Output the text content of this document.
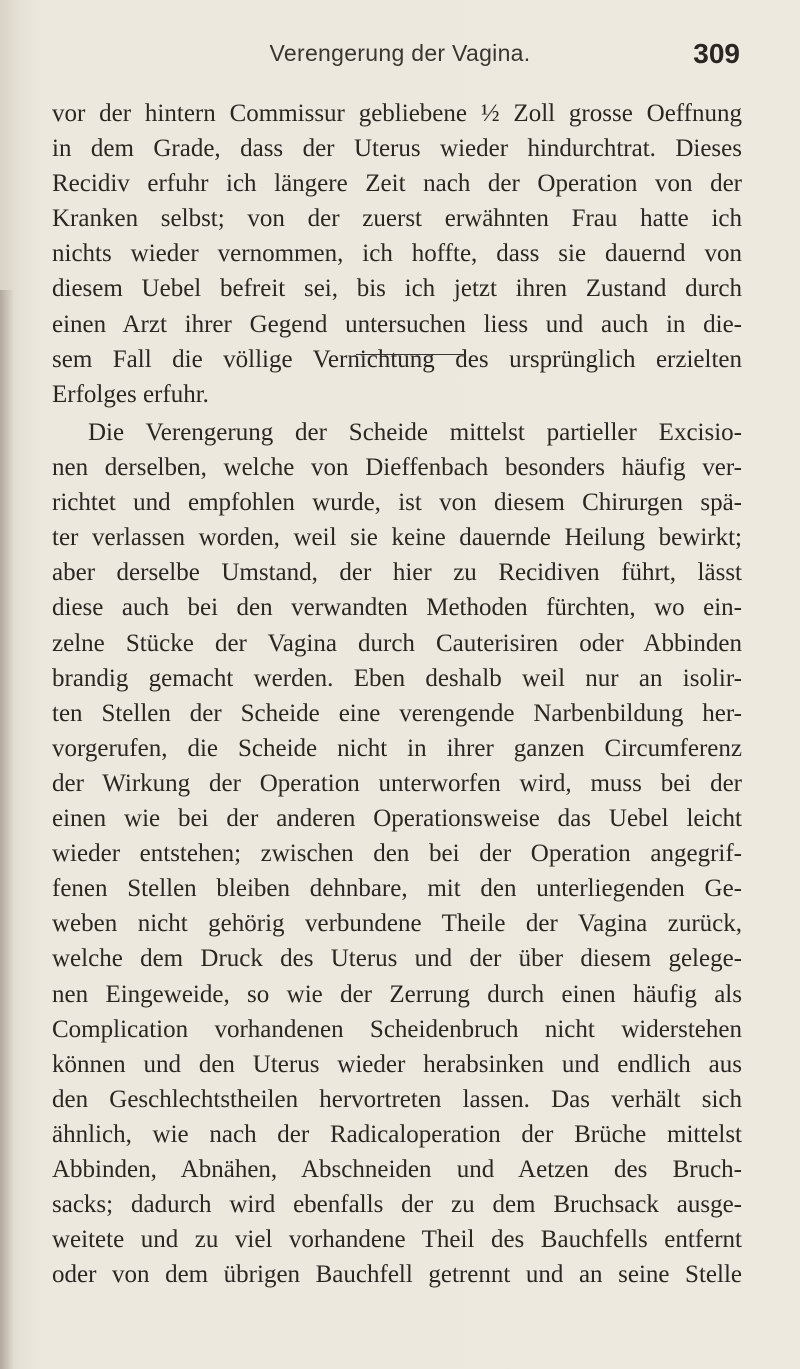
Verengerung der Vagina.	309
vor der hintern Commissur gebliebene ½ Zoll grosse Oeffnung
in dem Grade, dass der Uterus wieder hindurchtrat. Dieses
Recidiv erfuhr ich längere Zeit nach der Operation von der
Kranken selbst; von der zuerst erwähnten Frau hatte ich
nichts wieder vernommen, ich hoffte, dass sie dauernd von
diesem Uebel befreit sei, bis ich jetzt ihren Zustand durch
einen Arzt ihrer Gegend untersuchen liess und auch in die-
sem Fall die völlige Vernichtung des ursprünglich erzielten
Erfolges erfuhr.
Die Verengerung der Scheide mittelst partieller Excisio-
nen derselben, welche von Dieffenbach besonders häufig ver-
richtet und empfohlen wurde, ist von diesem Chirurgen spä-
ter verlassen worden, weil sie keine dauernde Heilung bewirkt;
aber derselbe Umstand, der hier zu Recidiven führt, lässt
diese auch bei den verwandten Methoden fürchten, wo ein-
zelne Stücke der Vagina durch Cauterisiren oder Abbinden
brandig gemacht werden. Eben deshalb weil nur an isolir-
ten Stellen der Scheide eine verengende Narbenbildung her-
vorgerufen, die Scheide nicht in ihrer ganzen Circumferenz
der Wirkung der Operation unterworfen wird, muss bei der
einen wie bei der anderen Operationsweise das Uebel leicht
wieder entstehen; zwischen den bei der Operation angegrif-
fenen Stellen bleiben dehnbare, mit den unterliegenden Ge-
weben nicht gehörig verbundene Theile der Vagina zurück,
welche dem Druck des Uterus und der über diesem gelege-
nen Eingeweide, so wie der Zerrung durch einen häufig als
Complication vorhandenen Scheidenbruch nicht widerstehen
können und den Uterus wieder herabsinken und endlich aus
den Geschlechtstheilen hervortreten lassen. Das verhält sich
ähnlich, wie nach der Radicaloperation der Brüche mittelst
Abbinden, Abnähen, Abschneiden und Aetzen des Bruch-
sacks; dadurch wird ebenfalls der zu dem Bruchsack ausge-
weitete und zu viel vorhandene Theil des Bauchfells entfernt
oder von dem übrigen Bauchfell getrennt und an seine Stelle
